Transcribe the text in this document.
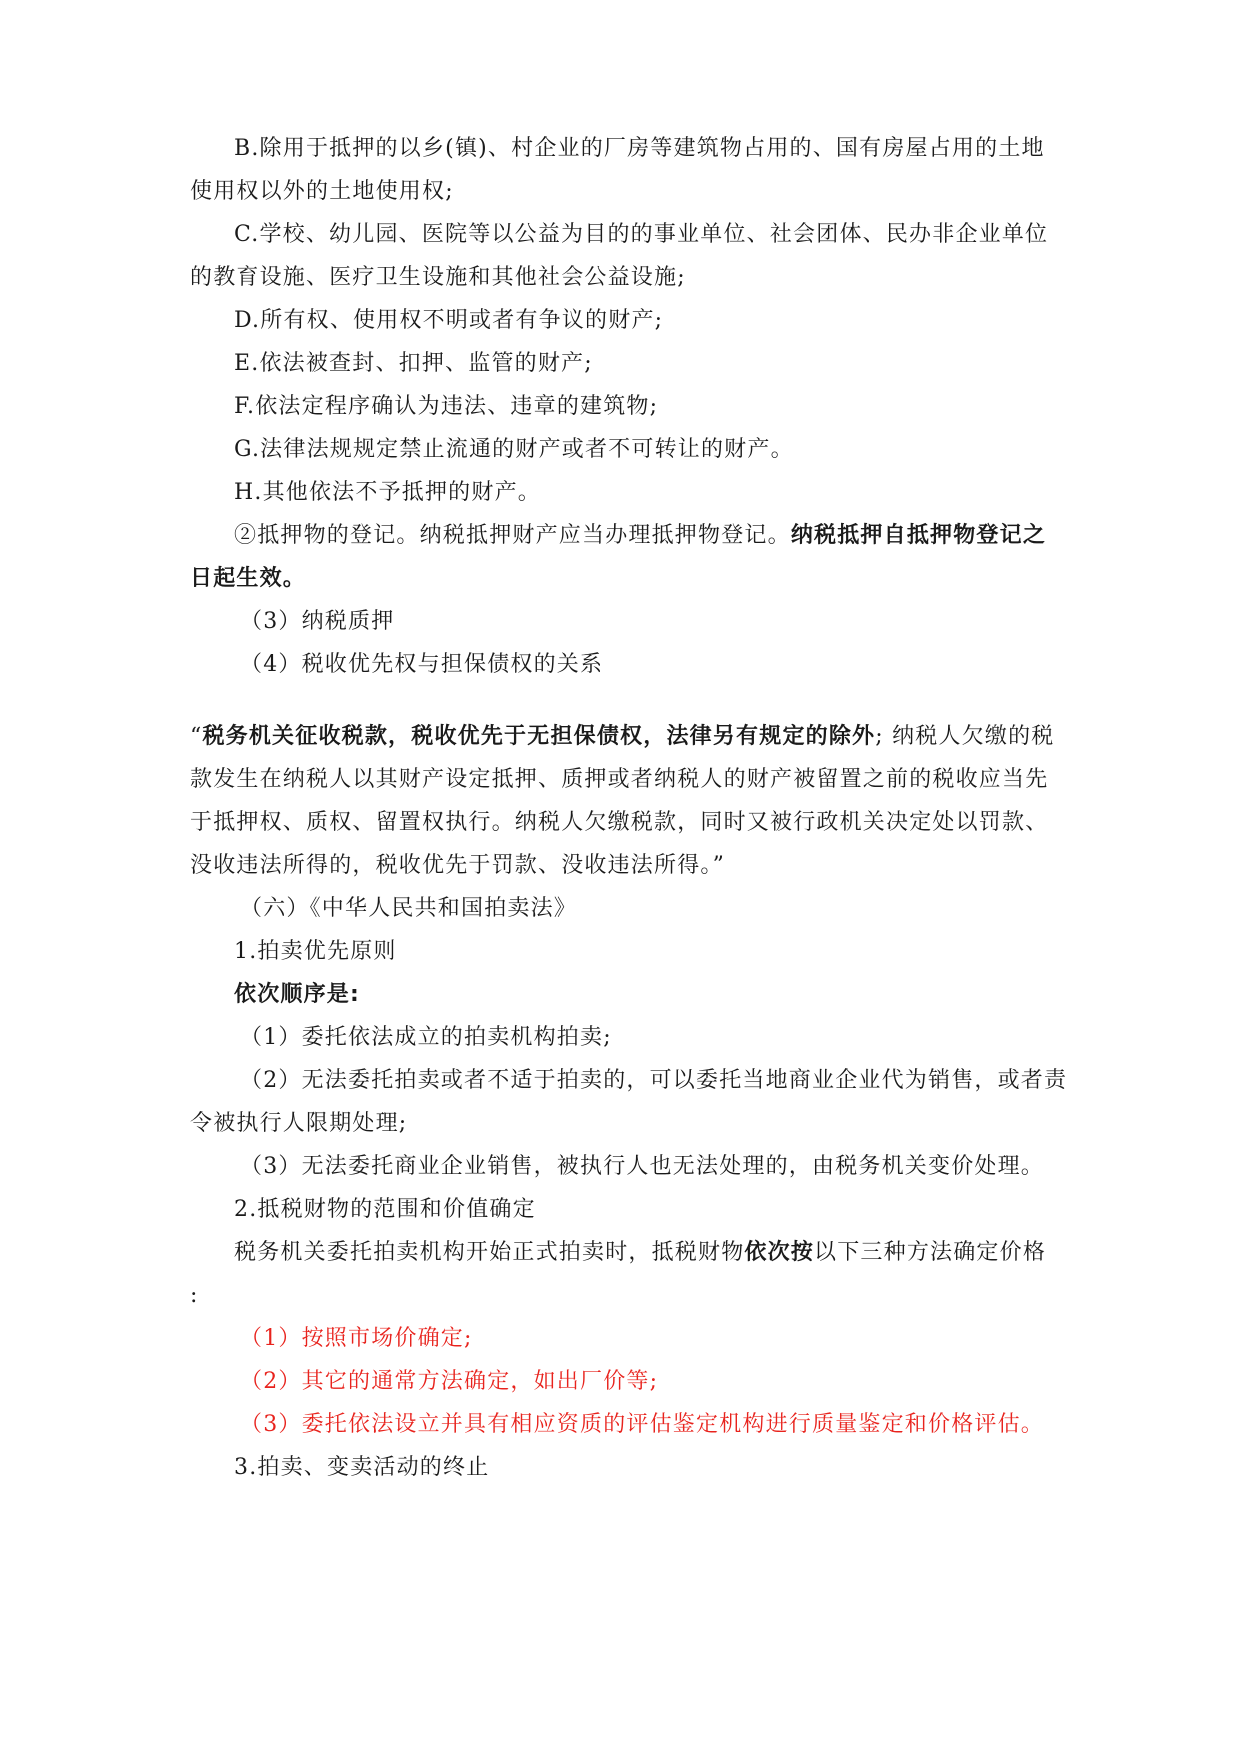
B.除用于抵押的以乡(镇)、村企业的厂房等建筑物占用的、国有房屋占用的土地
使用权以外的土地使用权;
C.学校、幼儿园、医院等以公益为目的的事业单位、社会团体、民办非企业单位
的教育设施、医疗卫生设施和其他社会公益设施;
D.所有权、使用权不明或者有争议的财产;
E.依法被查封、扣押、监管的财产;
F.依法定程序确认为违法、违章的建筑物;
G.法律法规规定禁止流通的财产或者不可转让的财产。
H.其他依法不予抵押的财产。
②抵押物的登记。纳税抵押财产应当办理抵押物登记。纳税抵押自抵押物登记之
日起生效。
（3）纳税质押
（4）税收优先权与担保债权的关系
“税务机关征收税款，税收优先于无担保债权，法律另有规定的除外; 纳税人欠缴的税
款发生在纳税人以其财产设定抵押、质押或者纳税人的财产被留置之前的税收应当先
于抵押权、质权、留置权执行。纳税人欠缴税款，同时又被行政机关决定处以罚款、
没收违法所得的，税收优先于罚款、没收违法所得。”
（六）《中华人民共和国拍卖法》
1.拍卖优先原则
依次顺序是:
（1）委托依法成立的拍卖机构拍卖;
（2）无法委托拍卖或者不适于拍卖的，可以委托当地商业企业代为销售，或者责
令被执行人限期处理;
（3）无法委托商业企业销售，被执行人也无法处理的，由税务机关变价处理。
2.抵税财物的范围和价值确定
税务机关委托拍卖机构开始正式拍卖时，抵税财物依次按以下三种方法确定价格
:
（1）按照市场价确定;
（2）其它的通常方法确定，如出厂价等;
（3）委托依法设立并具有相应资质的评估鉴定机构进行质量鉴定和价格评估。
3.拍卖、变卖活动的终止
